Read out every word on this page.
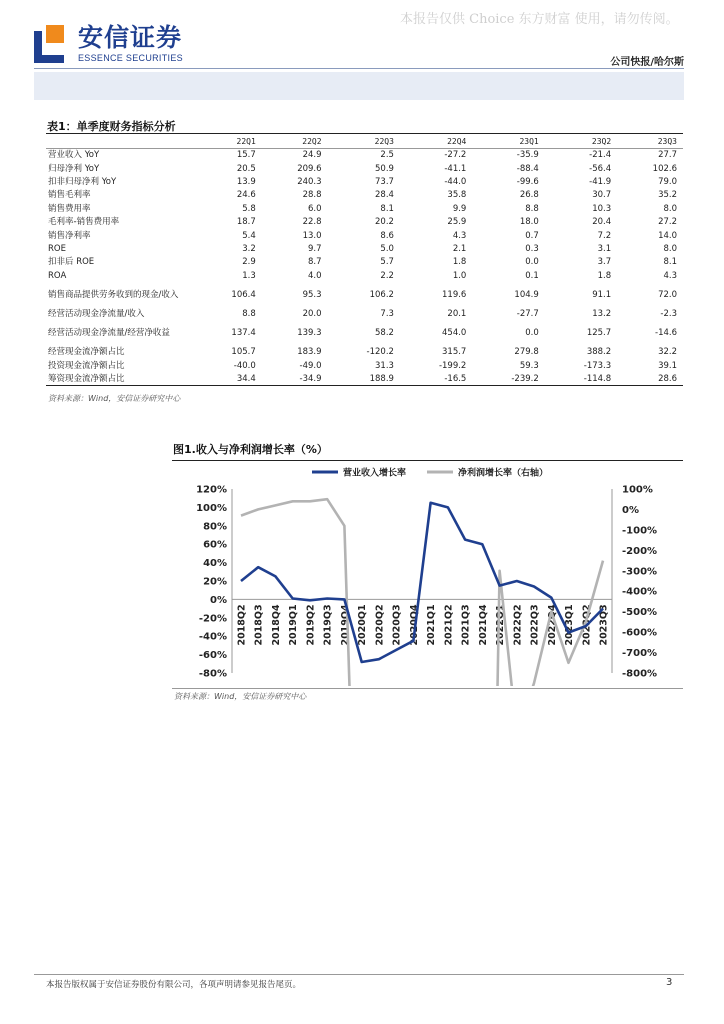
本报告仅供 Choice 东方财富 使用，请勿传阅。
安信证券
ESSENCE SECURITIES	公司快报/哈尔斯
表1：单季度财务指标分析
	22Q1	22Q2	22Q3	22Q4	23Q1	23Q2	23Q3
营业收入 YoY	15.7	24.9	2.5	-27.2	-35.9	-21.4	27.7
归母净利 YoY	20.5	209.6	50.9	-41.1	-88.4	-56.4	102.6
扣非归母净利 YoY	13.9	240.3	73.7	-44.0	-99.6	-41.9	79.0
销售毛利率	24.6	28.8	28.4	35.8	26.8	30.7	35.2
销售费用率	5.8	6.0	8.1	9.9	8.8	10.3	8.0
毛利率-销售费用率	18.7	22.8	20.2	25.9	18.0	20.4	27.2
销售净利率	5.4	13.0	8.6	4.3	0.7	7.2	14.0
ROE	3.2	9.7	5.0	2.1	0.3	3.1	8.0
扣非后 ROE	2.9	8.7	5.7	1.8	0.0	3.7	8.1
ROA	1.3	4.0	2.2	1.0	0.1	1.8	4.3
销售商品提供劳务收到的现金/收入	106.4	95.3	106.2	119.6	104.9	91.1	72.0
经营活动现金净流量/收入	8.8	20.0	7.3	20.1	-27.7	13.2	-2.3
经营活动现金净流量/经营净收益	137.4	139.3	58.2	454.0	0.0	125.7	-14.6
经营现金流净额占比	105.7	183.9	-120.2	315.7	279.8	388.2	32.2
投资现金流净额占比	-40.0	-49.0	31.3	-199.2	59.3	-173.3	39.1
筹资现金流净额占比	34.4	-34.9	188.9	-16.5	-239.2	-114.8	28.6
资料来源：Wind，安信证券研究中心
图1.收入与净利润增长率（%）
-80%
-60%
-40%
-20%
0%
20%
40%
60%
80%
100%
120%
-800%
-700%
-600%
-500%
-400%
-300%
-200%
-100%
0%
100%
2018Q2 2018Q3 2018Q4 2019Q1 2019Q2 2019Q3 2019Q4 2020Q1 2020Q2 2020Q3 2020Q4 2021Q1 2021Q2 2021Q3 2021Q4 2022Q1 2022Q2 2022Q3 2022Q4 2023Q1 2023Q2 2023Q3
营业收入增长率	净利润增长率（右轴）
资料来源：Wind，安信证券研究中心
本报告版权属于安信证券股份有限公司，各项声明请参见报告尾页。	3
